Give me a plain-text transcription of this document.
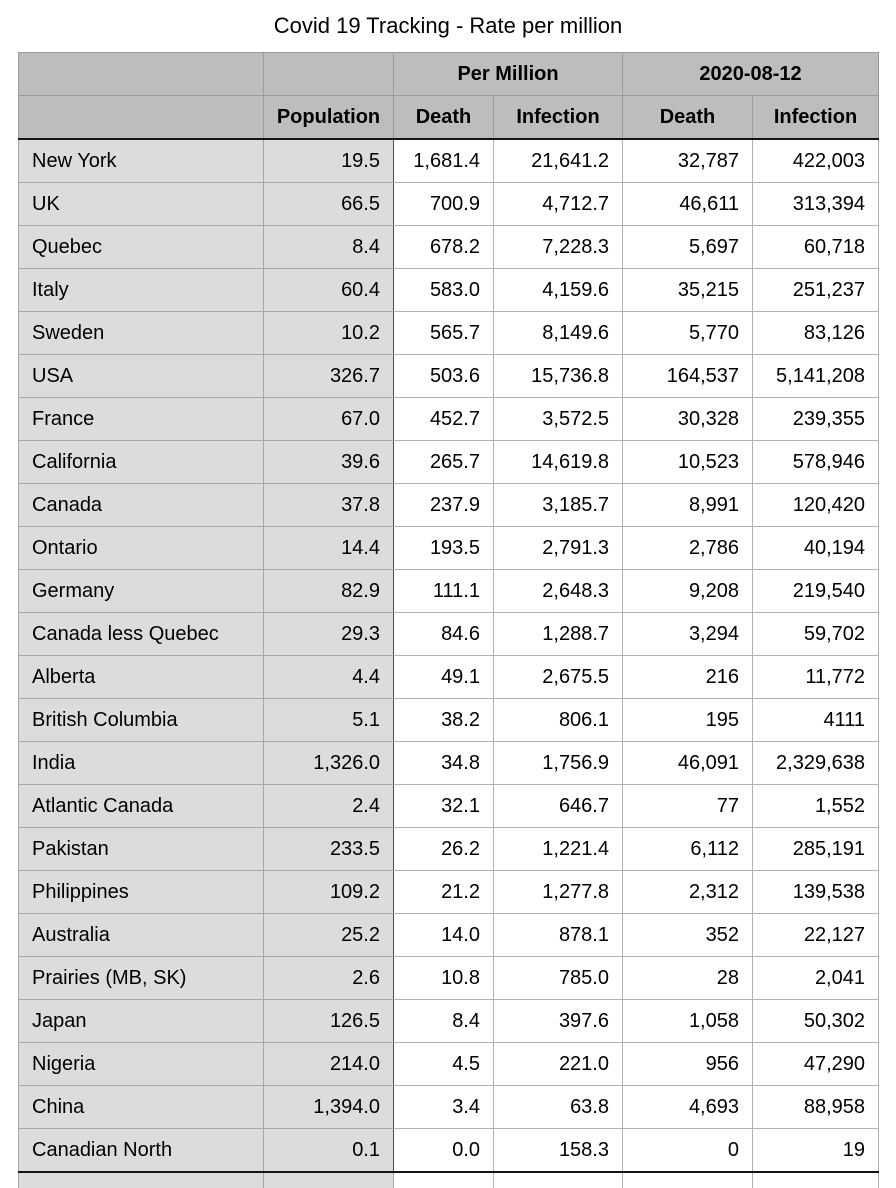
Covid 19 Tracking - Rate per million
		Per Million		2020-08-12	
	Population	Death	Infection	Death	Infection
New York	19.5	1,681.4	21,641.2	32,787	422,003
UK	66.5	700.9	4,712.7	46,611	313,394
Quebec	8.4	678.2	7,228.3	5,697	60,718
Italy	60.4	583.0	4,159.6	35,215	251,237
Sweden	10.2	565.7	8,149.6	5,770	83,126
USA	326.7	503.6	15,736.8	164,537	5,141,208
France	67.0	452.7	3,572.5	30,328	239,355
California	39.6	265.7	14,619.8	10,523	578,946
Canada	37.8	237.9	3,185.7	8,991	120,420
Ontario	14.4	193.5	2,791.3	2,786	40,194
Germany	82.9	111.1	2,648.3	9,208	219,540
Canada less Quebec	29.3	84.6	1,288.7	3,294	59,702
Alberta	4.4	49.1	2,675.5	216	11,772
British Columbia	5.1	38.2	806.1	195	4111
India	1,326.0	34.8	1,756.9	46,091	2,329,638
Atlantic Canada	2.4	32.1	646.7	77	1,552
Pakistan	233.5	26.2	1,221.4	6,112	285,191
Philippines	109.2	21.2	1,277.8	2,312	139,538
Australia	25.2	14.0	878.1	352	22,127
Prairies (MB, SK)	2.6	10.8	785.0	28	2,041
Japan	126.5	8.4	397.6	1,058	50,302
Nigeria	214.0	4.5	221.0	956	47,290
China	1,394.0	3.4	63.8	4,693	88,958
Canadian North	0.1	0.0	158.3	0	19
